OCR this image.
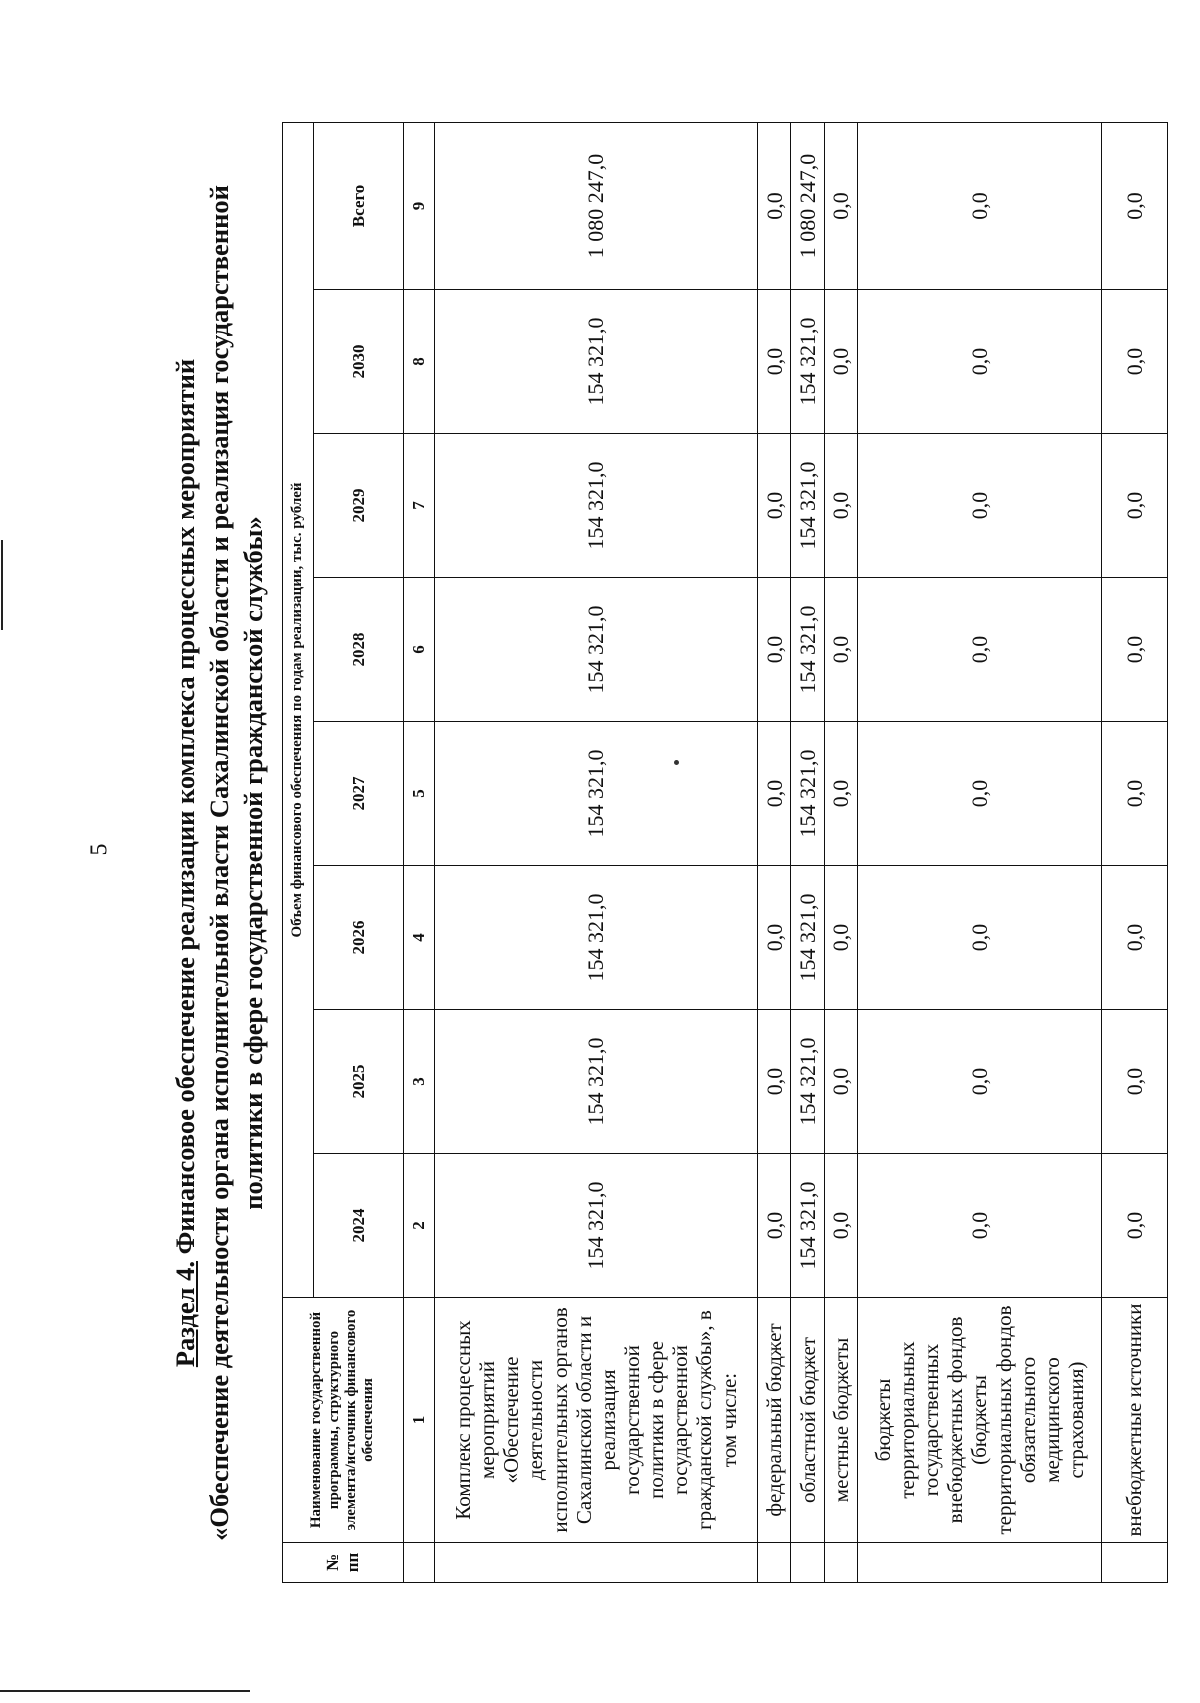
5
Раздел 4. Финансовое обеспечение реализации комплекса процессных мероприятий «Обеспечение деятельности органа исполнительной власти Сахалинской области и реализация государственной политики в сфере государственной гражданской службы»
№ пп	Наименование государственной программы, структурного элемента/источник финансового обеспечения	Объем финансового обеспечения по годам реализации, тыс. рублей							
		2024	2025	2026	2027	2028	2029	2030	Всего
	1	2	3	4	5	6	7	8	9
	Комплекс процессных мероприятий «Обеспечение деятельности исполнительных органов Сахалинской области и реализация государственной политики в сфере государственной гражданской службы», в том числе:	154 321,0	154 321,0	154 321,0	154 321,0	154 321,0	154 321,0	154 321,0	1 080 247,0
	федеральный бюджет	0,0	0,0	0,0	0,0	0,0	0,0	0,0	0,0
	областной бюджет	154 321,0	154 321,0	154 321,0	154 321,0	154 321,0	154 321,0	154 321,0	1 080 247,0
	местные бюджеты	0,0	0,0	0,0	0,0	0,0	0,0	0,0	0,0
	бюджеты территориальных государственных внебюджетных фондов (бюджеты территориальных фондов обязательного медицинского страхования)	0,0	0,0	0,0	0,0	0,0	0,0	0,0	0,0
	внебюджетные источники	0,0	0,0	0,0	0,0	0,0	0,0	0,0	0,0
